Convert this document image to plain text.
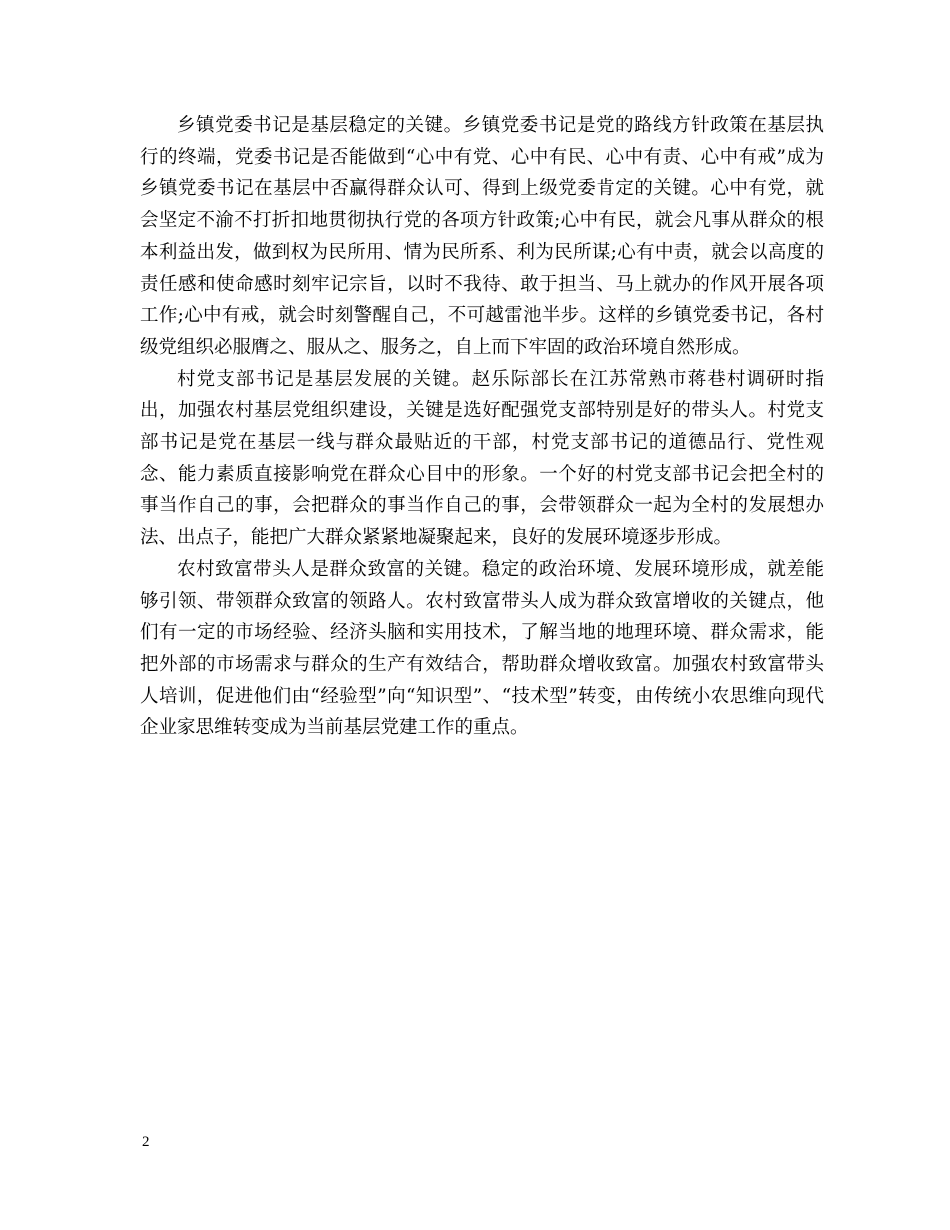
乡镇党委书记是基层稳定的关键。乡镇党委书记是党的路线方针政策在基层执行的终端，党委书记是否能做到“心中有党、心中有民、心中有责、心中有戒”成为乡镇党委书记在基层中否赢得群众认可、得到上级党委肯定的关键。心中有党，就会坚定不渝不打折扣地贯彻执行党的各项方针政策;心中有民，就会凡事从群众的根本利益出发，做到权为民所用、情为民所系、利为民所谋;心有中责，就会以高度的责任感和使命感时刻牢记宗旨，以时不我待、敢于担当、马上就办的作风开展各项工作;心中有戒，就会时刻警醒自己，不可越雷池半步。这样的乡镇党委书记，各村级党组织必服膺之、服从之、服务之，自上而下牢固的政治环境自然形成。

村党支部书记是基层发展的关键。赵乐际部长在江苏常熟市蒋巷村调研时指出，加强农村基层党组织建设，关键是选好配强党支部特别是好的带头人。村党支部书记是党在基层一线与群众最贴近的干部，村党支部书记的道德品行、党性观念、能力素质直接影响党在群众心目中的形象。一个好的村党支部书记会把全村的事当作自己的事，会把群众的事当作自己的事，会带领群众一起为全村的发展想办法、出点子，能把广大群众紧紧地凝聚起来，良好的发展环境逐步形成。

农村致富带头人是群众致富的关键。稳定的政治环境、发展环境形成，就差能够引领、带领群众致富的领路人。农村致富带头人成为群众致富增收的关键点，他们有一定的市场经验、经济头脑和实用技术，了解当地的地理环境、群众需求，能把外部的市场需求与群众的生产有效结合，帮助群众增收致富。加强农村致富带头人培训，促进他们由“经验型”向“知识型”、“技术型”转变，由传统小农思维向现代企业家思维转变成为当前基层党建工作的重点。

2
